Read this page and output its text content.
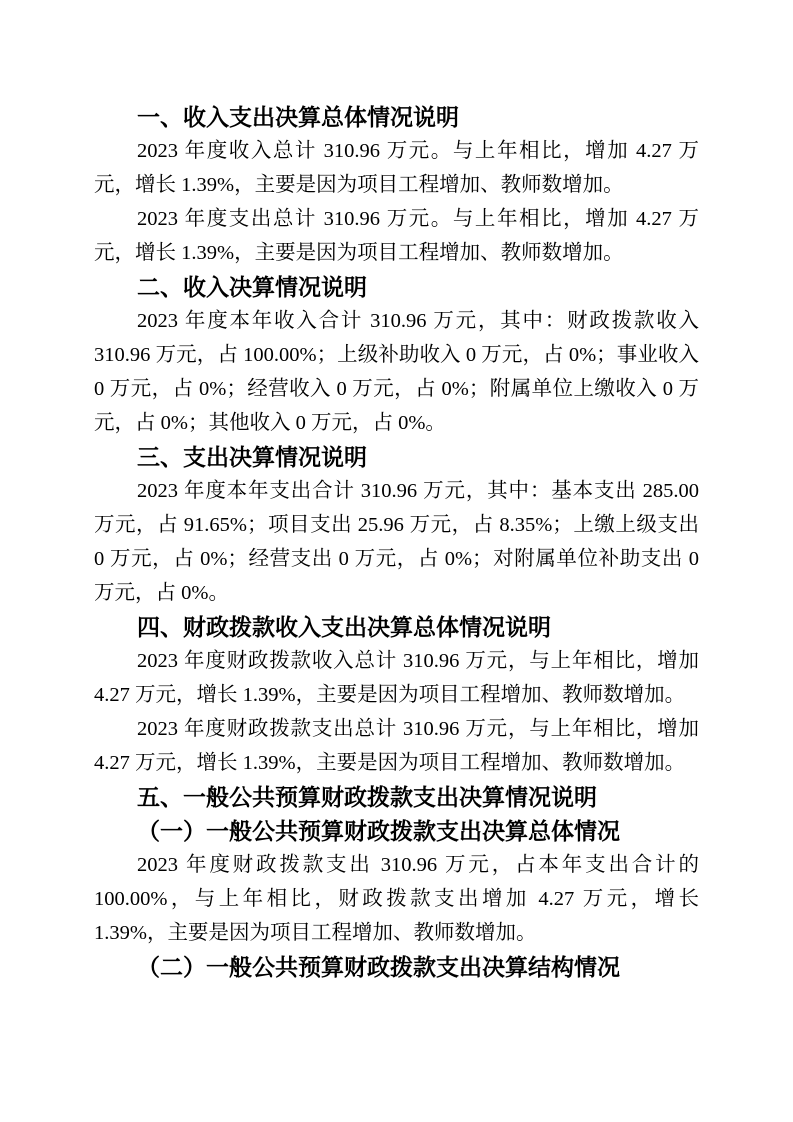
一、收入支出决算总体情况说明

2023 年度收入总计 310.96 万元。与上年相比，增加 4.27 万元，增长 1.39%，主要是因为项目工程增加、教师数增加。

2023 年度支出总计 310.96 万元。与上年相比，增加 4.27 万元，增长 1.39%，主要是因为项目工程增加、教师数增加。

二、收入决算情况说明

2023 年度本年收入合计 310.96 万元，其中：财政拨款收入 310.96 万元，占 100.00%；上级补助收入 0 万元，占 0%；事业收入 0 万元，占 0%；经营收入 0 万元，占 0%；附属单位上缴收入 0 万元，占 0%；其他收入 0 万元，占 0%。

三、支出决算情况说明

2023 年度本年支出合计 310.96 万元，其中：基本支出 285.00 万元，占 91.65%；项目支出 25.96 万元，占 8.35%；上缴上级支出 0 万元，占 0%；经营支出 0 万元，占 0%；对附属单位补助支出 0 万元，占 0%。

四、财政拨款收入支出决算总体情况说明

2023 年度财政拨款收入总计 310.96 万元，与上年相比，增加 4.27 万元，增长 1.39%，主要是因为项目工程增加、教师数增加。

2023 年度财政拨款支出总计 310.96 万元，与上年相比，增加 4.27 万元，增长 1.39%，主要是因为项目工程增加、教师数增加。

五、一般公共预算财政拨款支出决算情况说明
（一）一般公共预算财政拨款支出决算总体情况

2023 年度财政拨款支出 310.96 万元，占本年支出合计的 100.00%，与上年相比，财政拨款支出增加 4.27 万元，增长 1.39%，主要是因为项目工程增加、教师数增加。

（二）一般公共预算财政拨款支出决算结构情况
